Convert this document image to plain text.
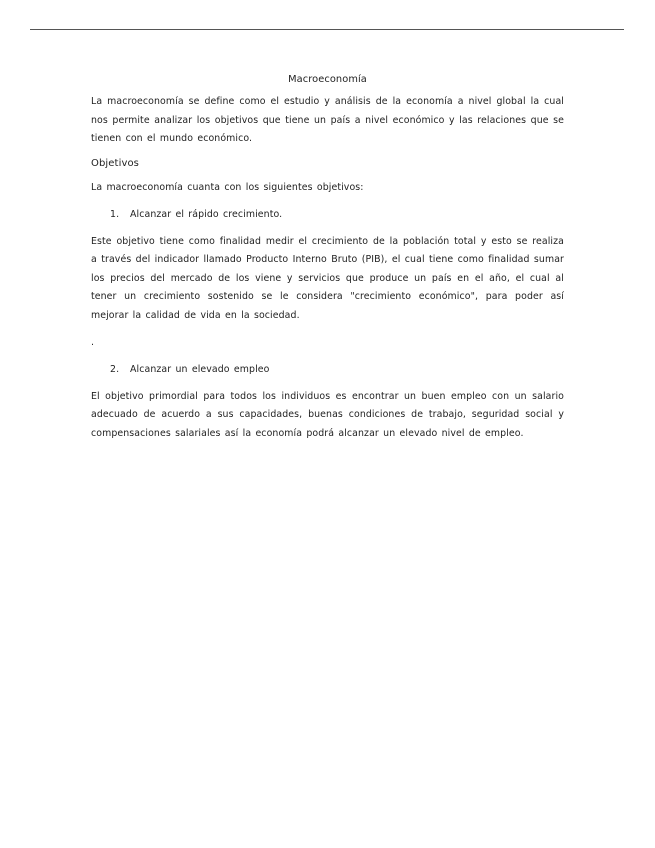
Macroeconomía

La macroeconomía se define como el estudio y análisis de la economía a nivel global la cual nos permite analizar los objetivos que tiene un país a nivel económico y las relaciones que se tienen con el mundo económico.

Objetivos

La macroeconomía cuanta con los siguientes objetivos:

1. Alcanzar el rápido crecimiento.

Este objetivo tiene como finalidad medir el crecimiento de la población total y esto se realiza a través del indicador llamado Producto Interno Bruto (PIB), el cual tiene como finalidad sumar los precios del mercado de los viene y servicios que produce un país en el año, el cual al tener un crecimiento sostenido se le considera "crecimiento económico", para poder así mejorar la calidad de vida en la sociedad.

.
2. Alcanzar un elevado empleo

El objetivo primordial para todos los individuos es encontrar un buen empleo con un salario adecuado de acuerdo a sus capacidades, buenas condiciones de trabajo, seguridad social y compensaciones salariales así la economía podrá alcanzar un elevado nivel de empleo.
